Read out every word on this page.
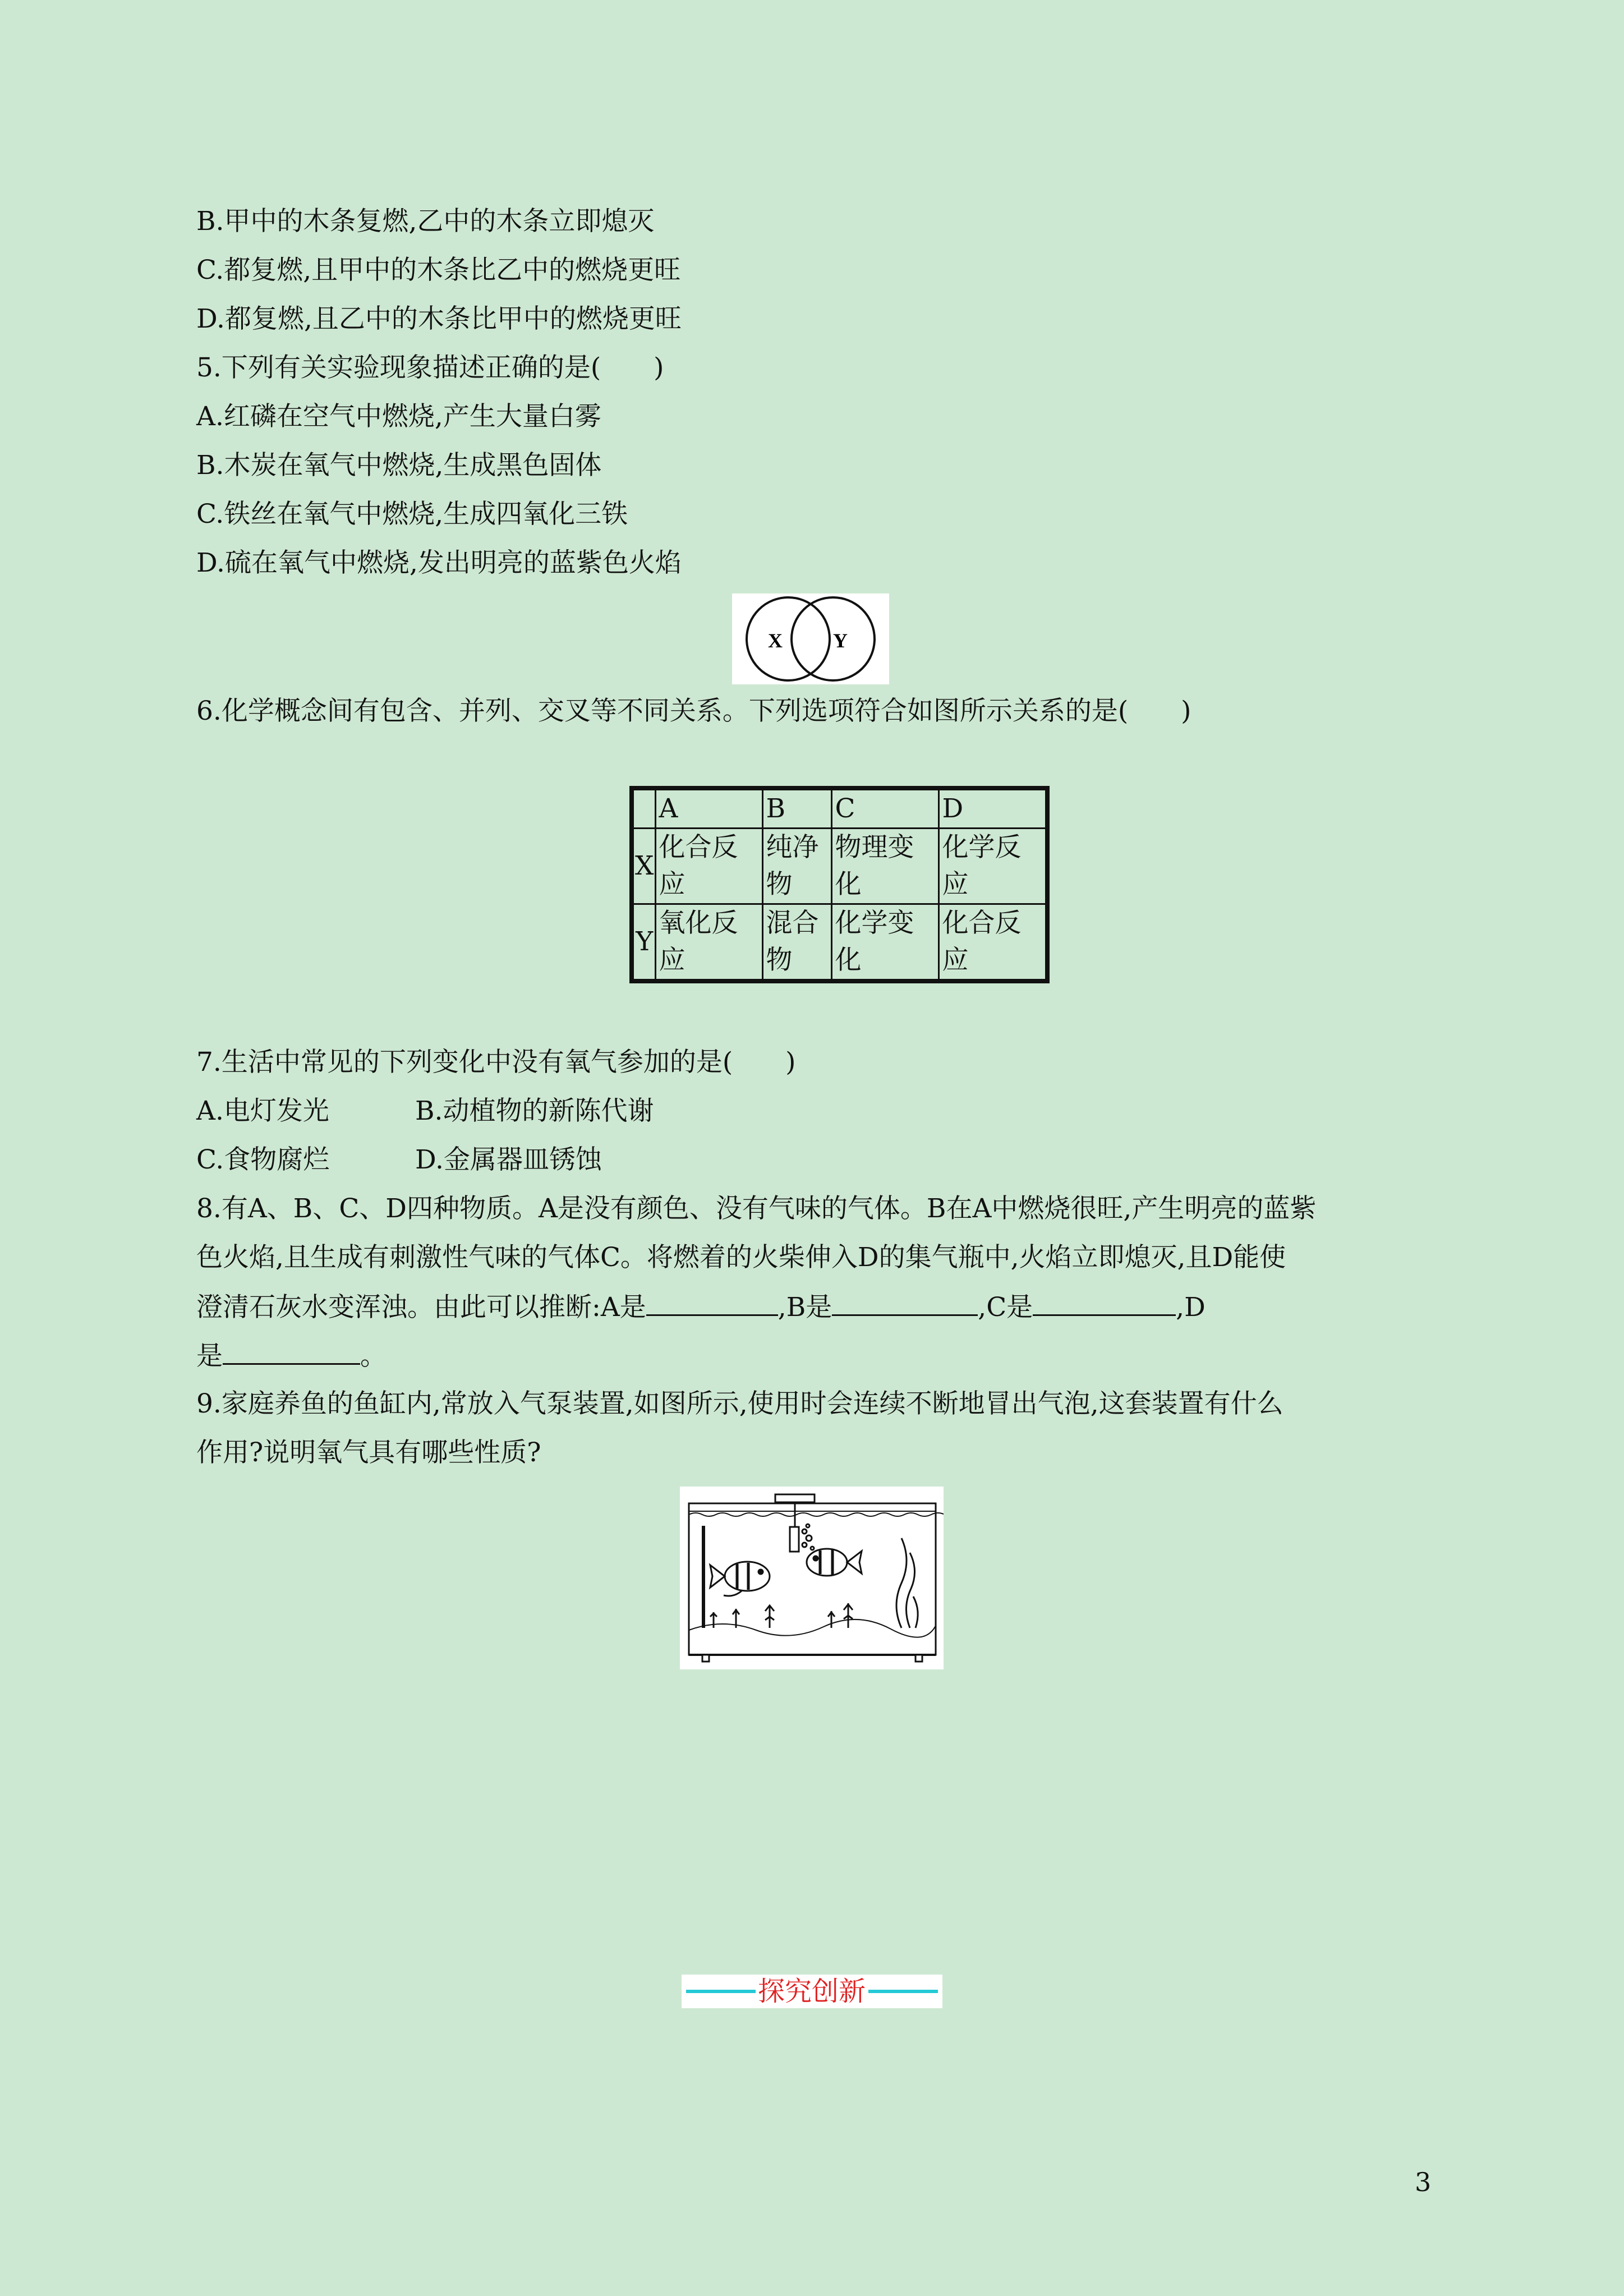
B.甲中的木条复燃,乙中的木条立即熄灭
C.都复燃,且甲中的木条比乙中的燃烧更旺
D.都复燃,且乙中的木条比甲中的燃烧更旺
5.下列有关实验现象描述正确的是(　　)
A.红磷在空气中燃烧,产生大量白雾
B.木炭在氧气中燃烧,生成黑色固体
C.铁丝在氧气中燃烧,生成四氧化三铁
D.硫在氧气中燃烧,发出明亮的蓝紫色火焰
X	Y
6.化学概念间有包含、并列、交叉等不同关系。下列选项符合如图所示关系的是(　　)
	A	B	C	D
X	化合反应	纯净物	物理变化	化学反应

Y	氧化反应	混合物	化学变化	化合反应
7.生活中常见的下列变化中没有氧气参加的是(　　)
A.电灯发光	B.动植物的新陈代谢
C.食物腐烂	D.金属器皿锈蚀
8.有A、B、C、D四种物质。A是没有颜色、没有气味的气体。B在A中燃烧很旺,产生明亮的蓝紫
色火焰,且生成有刺激性气味的气体C。将燃着的火柴伸入D的集气瓶中,火焰立即熄灭,且D能使
澄清石灰水变浑浊。由此可以推断:A是	,B是	,C是	,D
是	。
9.家庭养鱼的鱼缸内,常放入气泵装置,如图所示,使用时会连续不断地冒出气泡,这套装置有什么
作用?说明氧气具有哪些性质?
探究创新
3
